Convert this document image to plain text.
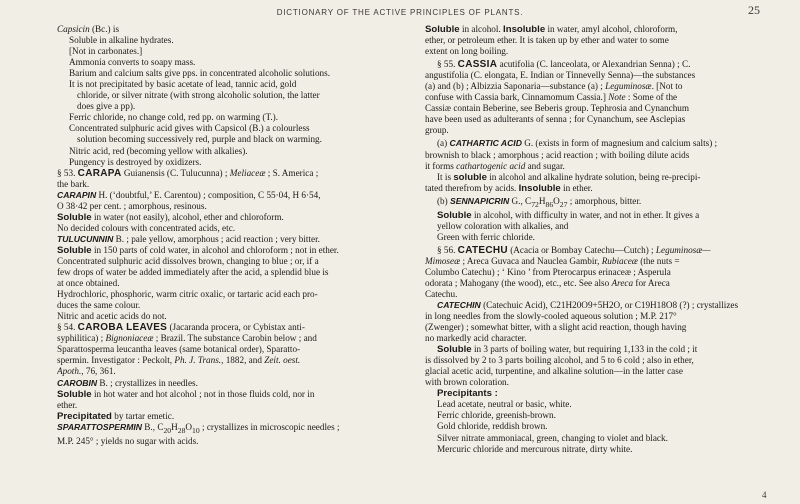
DICTIONARY OF THE ACTIVE PRINCIPLES OF PLANTS.	25
Capsicin (Bc.) is
Soluble in alkaline hydrates.
[Not in carbonates.]
Ammonia converts to soapy mass.
Barium and calcium salts give pps. in concentrated alcoholic solutions.
It is not precipitated by basic acetate of lead, tannic acid, gold
chloride, or silver nitrate (with strong alcoholic solution, the latter
does give a pp).
Ferric chloride, no change cold, red pp. on warming (T.).
Concentrated sulphuric acid gives with Capsicol (B.) a colourless
solution becoming successively red, purple and black on warming.
Nitric acid, red (becoming yellow with alkalies).
Pungency is destroyed by oxidizers.
§ 53. CARAPA Guianensis (C. Tulucunna) ; Meliaceæ ; S. America ;
the bark.
CARAPIN H. (‘doubtful,’ E. Carentou) ; composition, C 55·04, H 6·54,
O 38·42 per cent. ; amorphous, resinous.
Soluble in water (not easily), alcohol, ether and chloroform.
No decided colours with concentrated acids, etc.
TULUCUNNIN B. ; pale yellow, amorphous ; acid reaction ; very bitter.
Soluble in 150 parts of cold water, in alcohol and chloroform ; not in ether.
Concentrated sulphuric acid dissolves brown, changing to blue ; or, if a
few drops of water be added immediately after the acid, a splendid blue is
at once obtained.
Hydrochloric, phosphoric, warm citric oxalic, or tartaric acid each pro-
duces the same colour.
Nitric and acetic acids do not.
§ 54. CAROBA LEAVES (Jacaranda procera, or Cybistax anti-
syphilitica) ; Bignoniaceæ ; Brazil. The substance Carobin below ; and
Sparattosperma leucantha leaves (same botanical order), Sparatto-
spermin. Investigator : Peckolt, Ph. J. Trans., 1882, and Zeit. oest.
Apoth., 76, 361.
CAROBIN B. ; crystallizes in needles.
Soluble in hot water and hot alcohol ; not in those fluids cold, nor in
ether.
Precipitated by tartar emetic.
SPARATTOSPERMIN B., $C_{20}H_{28}O_{10}$ ; crystallizes in microscopic needles ;
M.P. 245° ; yields no sugar with acids.
Soluble in alcohol. Insoluble in water, amyl alcohol, chloroform,
ether, or petroleum ether. It is taken up by ether and water to some
extent on long boiling.
§ 55. CASSIA acutifolia (C. lanceolata, or Alexandrian Senna) ; C.
angustifolia (C. elongata, E. Indian or Tinnevelly Senna)—the substances
(a) and (b) ; Albizzia Saponaria—substance (a) ; Leguminosæ. [Not to
confuse with Cassia bark, Cinnamomum Cassia.] Note : Some of the
Cassiæ contain Beberine, see Beberis group. Tephrosia and Cynanchum
have been used as adulterants of senna ; for Cynanchum, see Asclepias
group.
(a) CATHARTIC ACID G. (exists in form of magnesium and calcium salts) ;
brownish to black ; amorphous ; acid reaction ; with boiling dilute acids
it forms cathartogenic acid and sugar.
It is soluble in alcohol and alkaline hydrate solution, being re-precipi-
tated therefrom by acids. Insoluble in ether.
(b) SENNAPICRIN G., $C_{72}H_{86}O_{27}$ ; amorphous, bitter.
Soluble in alcohol, with difficulty in water, and not in ether. It gives a
yellow coloration with alkalies, and
Green with ferric chloride.
§ 56. CATECHU (Acacia or Bombay Catechu—Cutch) ; Leguminosæ—
Mimoseæ ; Areca Guvaca and Nauclea Gambir, Rubiaceæ (the nuts =
Columbo Catechu) ; ‘ Kino ’ from Pterocarpus erinaceæ ; Asperula
odorata ; Mahogany (the wood), etc., etc. See also Areca for Areca
Catechu.
CATECHIN (Catechuic Acid), C21H20O9+5H2O, or C19H18O8 (?) ; crystallizes
in long needles from the slowly-cooled aqueous solution ; M.P. 217°
(Zwenger) ; somewhat bitter, with a slight acid reaction, though having
no markedly acid character.
Soluble in 3 parts of boiling water, but requiring 1,133 in the cold ; it
is dissolved by 2 to 3 parts boiling alcohol, and 5 to 6 cold ; also in ether,
glacial acetic acid, turpentine, and alkaline solution—in the latter case
with brown coloration.
Precipitants :
Lead acetate, neutral or basic, white.
Ferric chloride, greenish-brown.
Gold chloride, reddish brown.
Silver nitrate ammoniacal, green, changing to violet and black.
Mercuric chloride and mercurous nitrate, dirty white.
4
